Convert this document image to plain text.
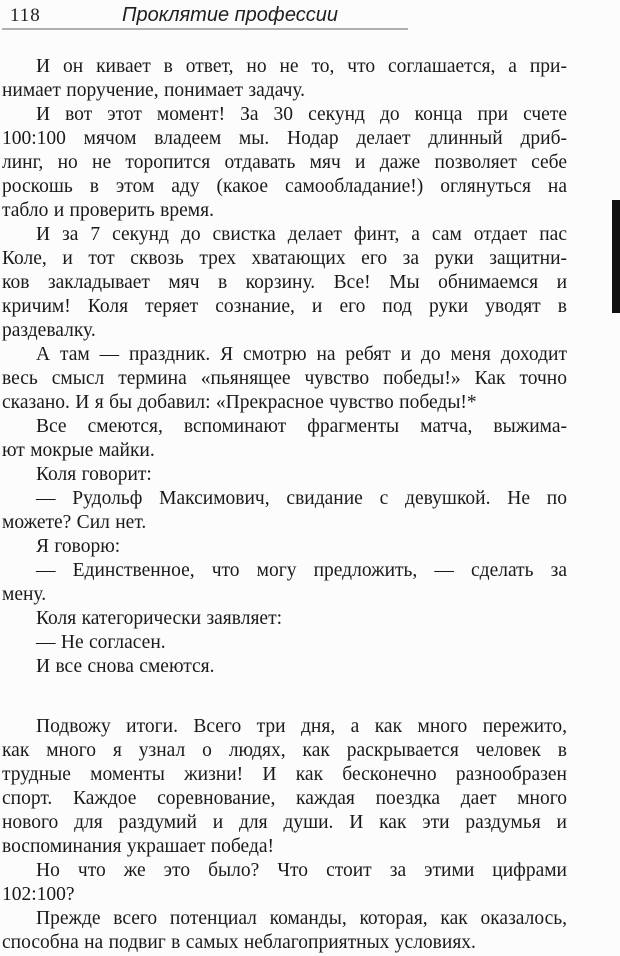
118	Проклятие профессии
И он кивает в ответ, но не то, что соглашается, а при-
нимает поручение, понимает задачу.
И вот этот момент! За 30 секунд до конца при счете
100:100 мячом владеем мы. Нодар делает длинный дриб-
линг, но не торопится отдавать мяч и даже позволяет себе
роскошь в этом аду (какое самообладание!) оглянуться на
табло и проверить время.
И за 7 секунд до свистка делает финт, а сам отдает пас
Коле, и тот сквозь трех хватающих его за руки защитни-
ков закладывает мяч в корзину. Все! Мы обнимаемся и
кричим! Коля теряет сознание, и его под руки уводят в
раздевалку.
А там — праздник. Я смотрю на ребят и до меня доходит
весь смысл термина «пьянящее чувство победы!» Как точно
сказано. И я бы добавил: «Прекрасное чувство победы!*
Все смеются, вспоминают фрагменты матча, выжима-
ют мокрые майки.
Коля говорит:
— Рудольф Максимович, свидание с девушкой. Не по
можете? Сил нет.
Я говорю:
— Единственное, что могу предложить, — сделать за
мену.
Коля категорически заявляет:
— Не согласен.
И все снова смеются.
Подвожу итоги. Всего три дня, а как много пережито,
как много я узнал о людях, как раскрывается человек в
трудные моменты жизни! И как бесконечно разнообразен
спорт. Каждое соревнование, каждая поездка дает много
нового для раздумий и для души. И как эти раздумья и
воспоминания украшает победа!
Но что же это было? Что стоит за этими цифрами
102:100?
Прежде всего потенциал команды, которая, как оказалось,
способна на подвиг в самых неблагоприятных условиях.
